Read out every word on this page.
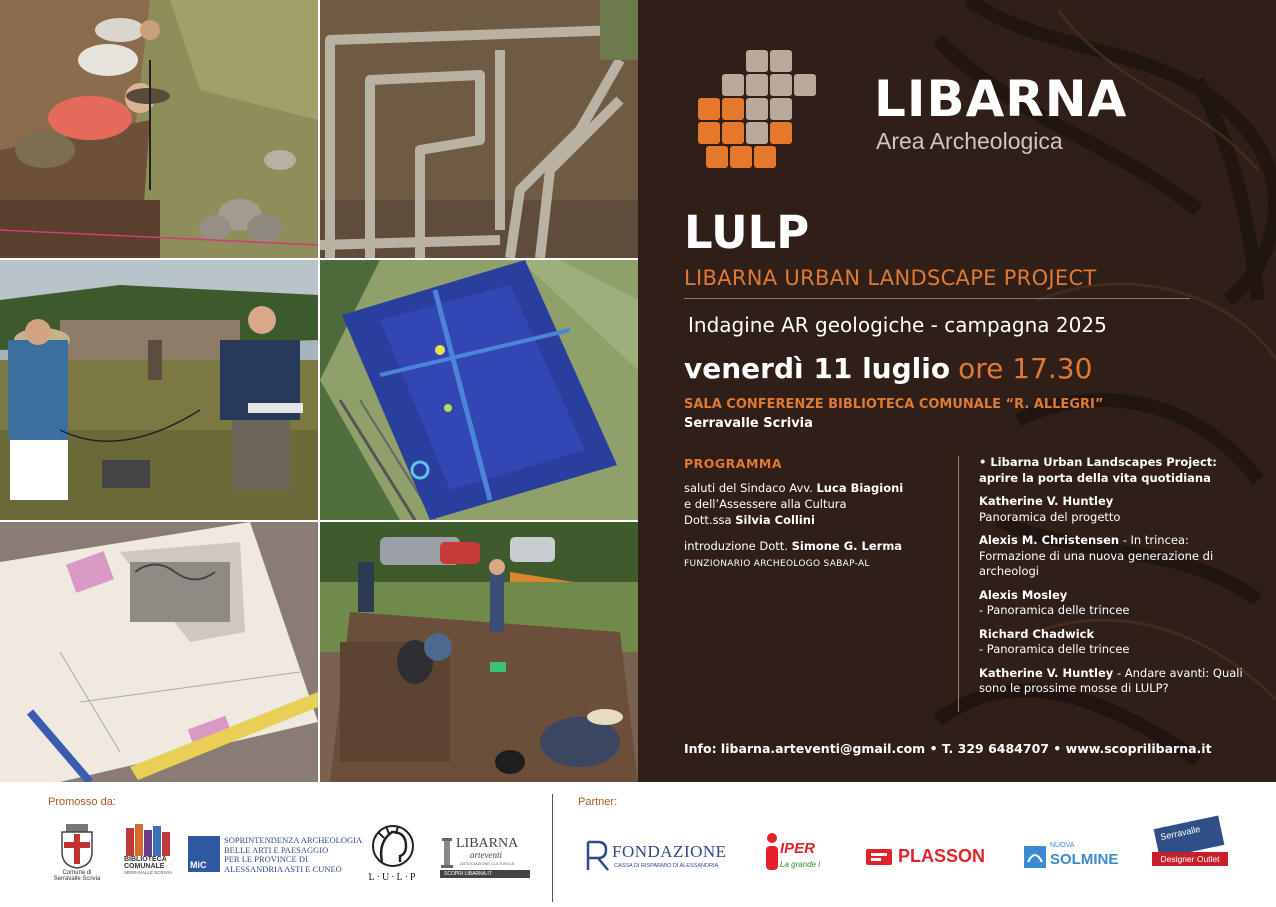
LIBARNA
Area Archeologica
LULP
LIBARNA URBAN LANDSCAPE PROJECT
Indagine AR geologiche - campagna 2025
venerdì 11 luglio ore 17.30
SALA CONFERENZE BIBLIOTECA COMUNALE “R. ALLEGRI”
Serravalle Scrivia
PROGRAMMA
saluti del Sindaco Avv. Luca Biagioni
e dell’Assessere alla Cultura
Dott.ssa Silvia Collini
introduzione Dott. Simone G. Lerma
FUNZIONARIO ARCHEOLOGO SABAP-AL
• Libarna Urban Landscapes Project: aprire la porta della vita quotidiana
Katherine V. Huntley
Panoramica del progetto
Alexis M. Christensen - In trincea: Formazione di una nuova generazione di archeologi
Alexis Mosley
- Panoramica delle trincee
Richard Chadwick
- Panoramica delle trincee
Katherine V. Huntley - Andare avanti: Quali sono le prossime mosse di LULP?
Info: libarna.arteventi@gmail.com • T. 329 6484707 • www.scoprilibarna.it
Promosso da:	Partner:
Comune di
Serravalle Scrivia
BIBLIOTECA
COMUNALE
SERRAVALLE SCRIVIA
MiC
SOPRINTENDENZA ARCHEOLOGIA
BELLE ARTI E PAESAGGIO
PER LE PROVINCE DI
ALESSANDRIA ASTI E CUNEO
L·U·L·P
LIBARNA
arteventi
ASSOCIAZIONE CULTURALE
SCOPRI LIBARNA.IT
FONDAZIONE
CASSA DI RISPARMIO DI ALESSANDRIA
IPER
La grande i	PLASSON
NUOVA
SOLMINE
Serravalle
Designer Outlet
